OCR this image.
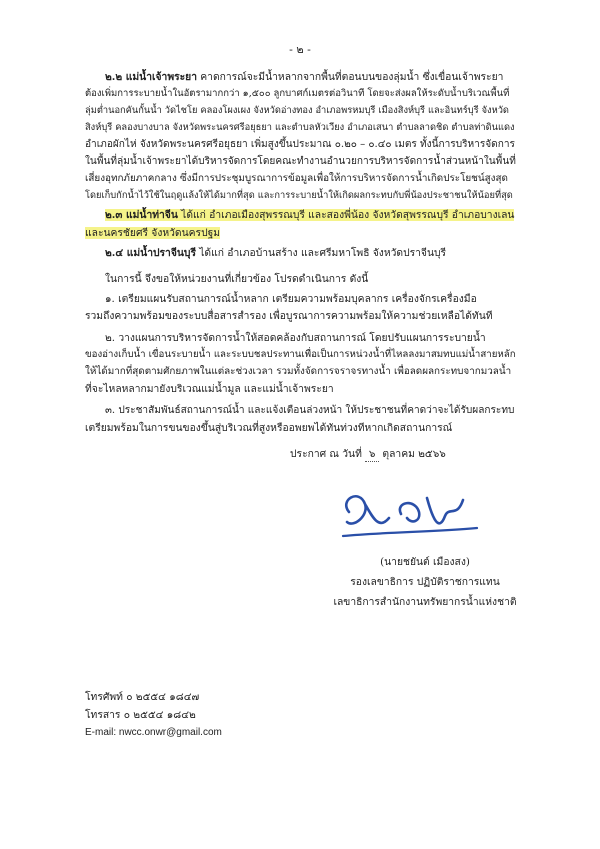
- ๒ -
๒.๒ แม่น้ำเจ้าพระยา คาดการณ์จะมีน้ำหลากจากพื้นที่ตอนบนของลุ่มน้ำ ซึ่งเขื่อนเจ้าพระยา
ต้องเพิ่มการระบายน้ำในอัตรามากกว่า ๑,๕๐๐ ลูกบาศก์เมตรต่อวินาที โดยจะส่งผลให้ระดับน้ำบริเวณพื้นที่
ลุ่มต่ำนอกคันกั้นน้ำ วัดไชโย คลองโผงเผง จังหวัดอ่างทอง อำเภอพรหมบุรี เมืองสิงห์บุรี และอินทร์บุรี จังหวัด
สิงห์บุรี คลองบางบาล จังหวัดพระนครศรีอยุธยา และตำบลหัวเวียง อำเภอเสนา ตำบลลาดชิด ตำบลท่าดินแดง
อำเภอผักไห่ จังหวัดพระนครศรีอยุธยา เพิ่มสูงขึ้นประมาณ ๐.๒๐ – ๐.๔๐ เมตร ทั้งนี้การบริหารจัดการ
ในพื้นที่ลุ่มน้ำเจ้าพระยาได้บริหารจัดการโดยคณะทำงานอำนวยการบริหารจัดการน้ำส่วนหน้าในพื้นที่
เสี่ยงอุทกภัยภาคกลาง ซึ่งมีการประชุมบูรณาการข้อมูลเพื่อให้การบริหารจัดการน้ำเกิดประโยชน์สูงสุด
โดยเก็บกักน้ำไว้ใช้ในฤดูแล้งให้ได้มากที่สุด และการระบายน้ำให้เกิดผลกระทบกับพี่น้องประชาชนให้น้อยที่สุด
๒.๓ แม่น้ำท่าจีน ได้แก่ อำเภอเมืองสุพรรณบุรี และสองพี่น้อง จังหวัดสุพรรณบุรี อำเภอบางเลน
และนครชัยศรี จังหวัดนครปฐม
๒.๔ แม่น้ำปราจีนบุรี ได้แก่ อำเภอบ้านสร้าง และศรีมหาโพธิ จังหวัดปราจีนบุรี
ในการนี้ จึงขอให้หน่วยงานที่เกี่ยวข้อง โปรดดำเนินการ ดังนี้
๑. เตรียมแผนรับสถานการณ์น้ำหลาก เตรียมความพร้อมบุคลากร เครื่องจักรเครื่องมือ
รวมถึงความพร้อมของระบบสื่อสารสำรอง เพื่อบูรณาการความพร้อมให้ความช่วยเหลือได้ทันที
๒. วางแผนการบริหารจัดการน้ำให้สอดคล้องกับสถานการณ์ โดยปรับแผนการระบายน้ำ
ของอ่างเก็บน้ำ เขื่อนระบายน้ำ และระบบชลประทานเพื่อเป็นการหน่วงน้ำที่ไหลลงมาสมทบแม่น้ำสายหลัก
ให้ได้มากที่สุดตามศักยภาพในแต่ละช่วงเวลา รวมทั้งจัดการจราจรทางน้ำ เพื่อลดผลกระทบจากมวลน้ำ
ที่จะไหลหลากมายังบริเวณแม่น้ำมูล และแม่น้ำเจ้าพระยา
๓. ประชาสัมพันธ์สถานการณ์น้ำ และแจ้งเตือนล่วงหน้า ให้ประชาชนที่คาดว่าจะได้รับผลกระทบ
เตรียมพร้อมในการขนของขึ้นสู่บริเวณที่สูงหรืออพยพได้ทันท่วงทีหากเกิดสถานการณ์
ประกาศ ณ วันที่ ๖ ตุลาคม ๒๕๖๖
(นายชยันต์ เมืองสง)
รองเลขาธิการ ปฏิบัติราชการแทน
เลขาธิการสำนักงานทรัพยากรน้ำแห่งชาติ
โทรศัพท์ ๐ ๒๕๕๔ ๑๘๔๗
โทรสาร ๐ ๒๕๕๔ ๑๘๔๒
E-mail: nwcc.onwr@gmail.com
